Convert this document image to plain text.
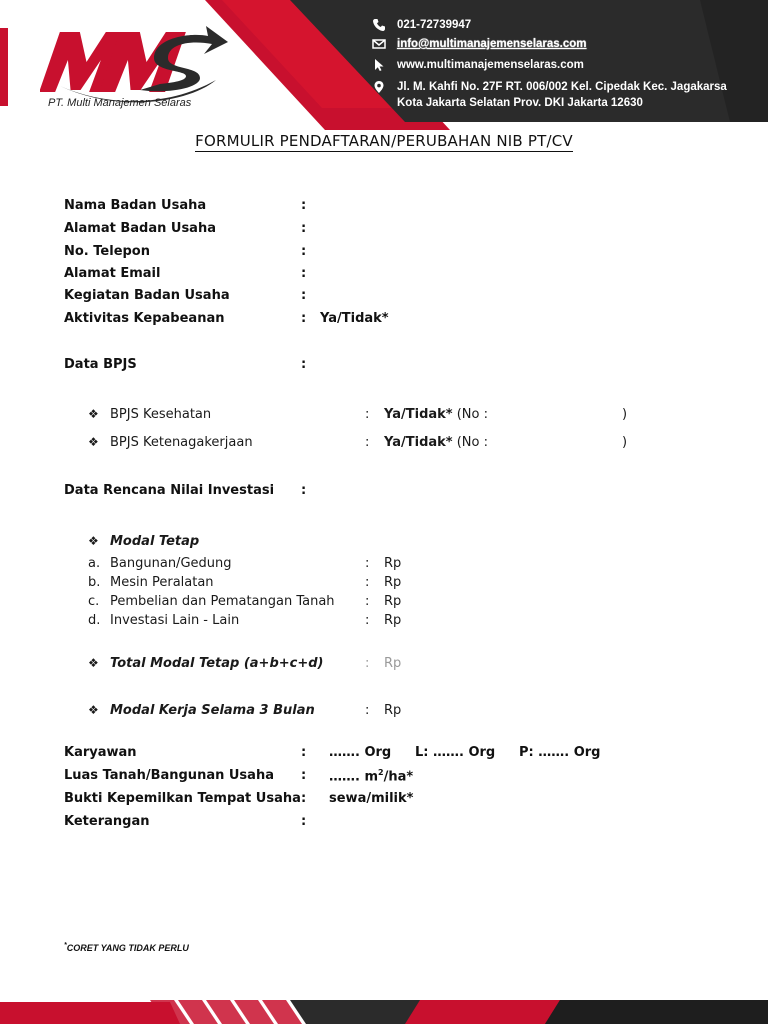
PT. Multi Manajemen Selaras
021-72739947
info@multimanajemenselaras.com
www.multimanajemenselaras.com
Jl. M. Kahfi No. 27F RT. 006/002 Kel. Cipedak Kec. Jagakarsa
Kota Jakarta Selatan Prov. DKI Jakarta 12630
FORMULIR PENDAFTARAN/PERUBAHAN NIB PT/CV
Nama Badan Usaha	:
Alamat Badan Usaha	:
No. Telepon	:
Alamat Email	:
Kegiatan Badan Usaha	:
Aktivitas Kepabeanan	: Ya/Tidak*
Data BPJS	:
❖ BPJS Kesehatan	: Ya/Tidak* (No :	)
❖ BPJS Ketenagakerjaan	: Ya/Tidak* (No :	)
Data Rencana Nilai Investasi :
❖ Modal Tetap
a. Bangunan/Gedung	: Rp
b. Mesin Peralatan	: Rp
c. Pembelian dan Pematangan Tanah : Rp
d. Investasi Lain - Lain	: Rp
❖ Total Modal Tetap (a+b+c+d)	: Rp
❖ Modal Kerja Selama 3 Bulan	: Rp
Karyawan	: ……. Org L: ……. Org P: ……. Org
Luas Tanah/Bangunan Usaha : ……. $m^2/ha*$
Bukti Kepemilkan Tempat Usaha : sewa/milik*
Keterangan	:
*CORET YANG TIDAK PERLU
